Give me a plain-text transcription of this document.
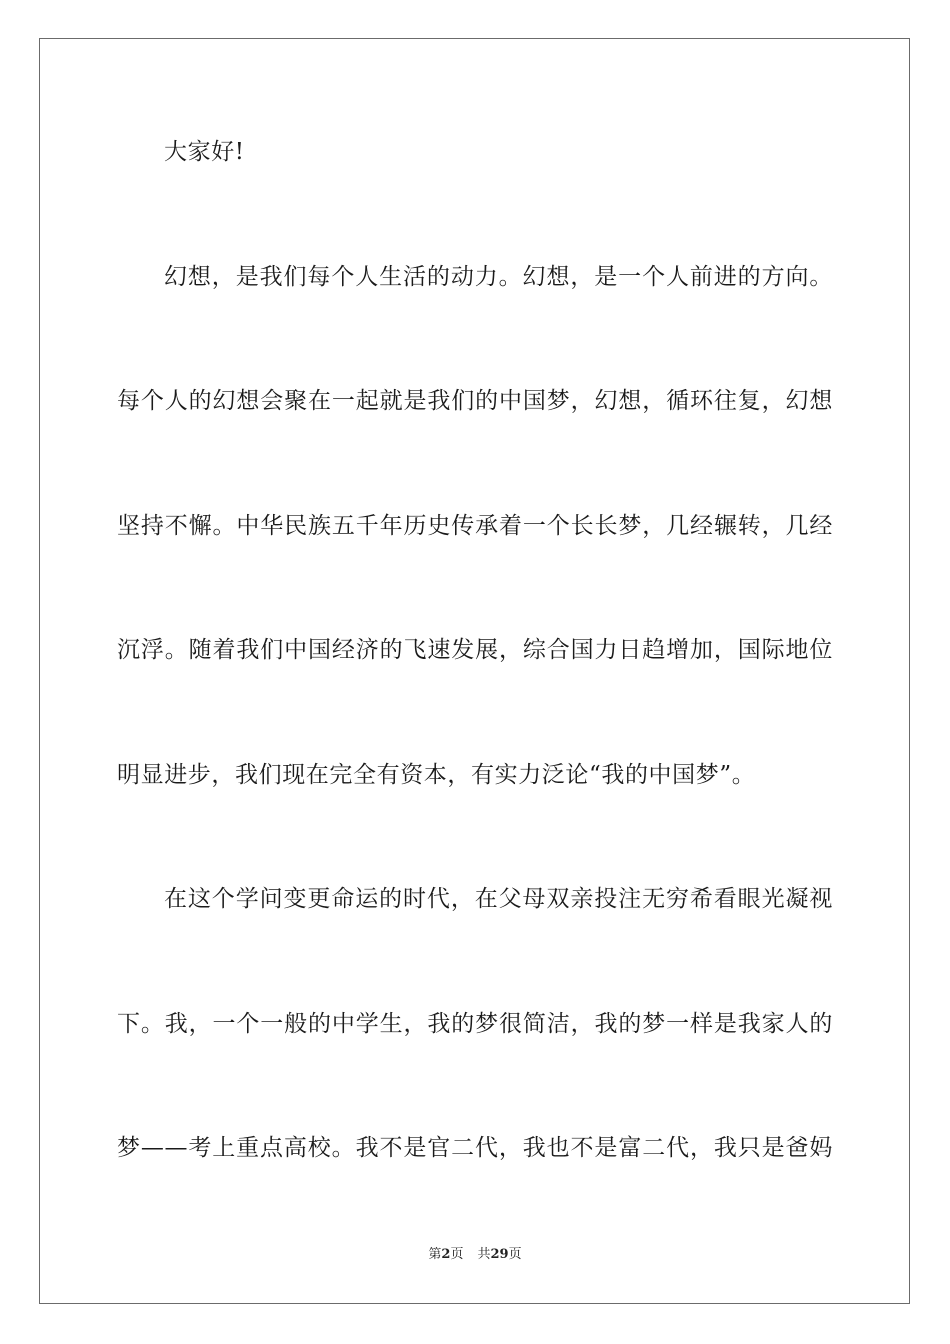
大家好!
幻想，是我们每个人生活的动力。幻想，是一个人前进的方向。
每个人的幻想会聚在一起就是我们的中国梦，幻想，循环往复，幻想
坚持不懈。中华民族五千年历史传承着一个长长梦，几经辗转，几经
沉浮。随着我们中国经济的飞速发展，综合国力日趋增加，国际地位
明显进步，我们现在完全有资本，有实力泛论“我的中国梦”。
在这个学问变更命运的时代，在父母双亲投注无穷希看眼光凝视
下。我，一个一般的中学生，我的梦很简洁，我的梦一样是我家人的
梦——考上重点高校。我不是官二代，我也不是富二代，我只是爸妈
第2页 共29页
